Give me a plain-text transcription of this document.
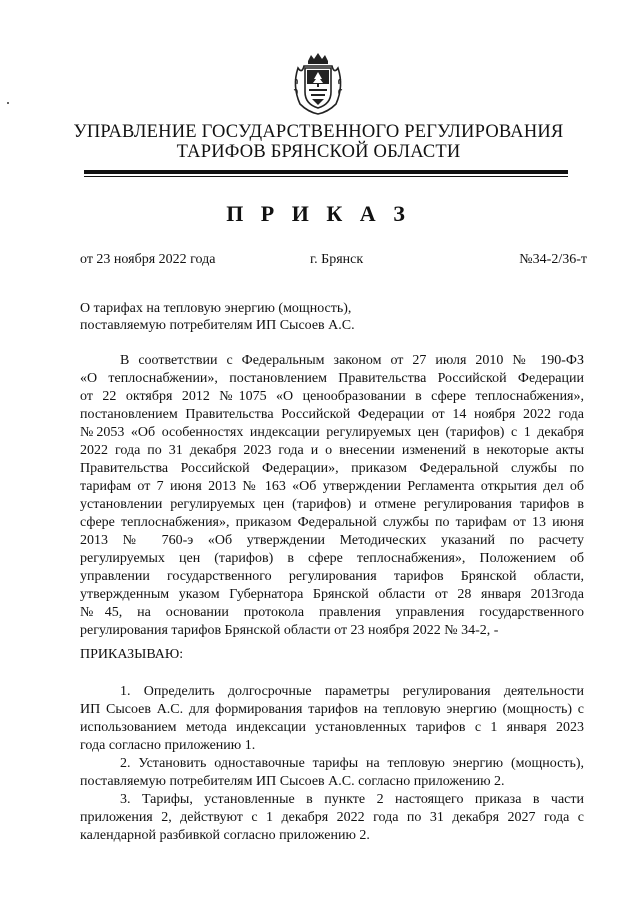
УПРАВЛЕНИЕ ГОСУДАРСТВЕННОГО РЕГУЛИРОВАНИЯ
ТАРИФОВ БРЯНСКОЙ ОБЛАСТИ
П Р И К А З
от 23 ноября 2022 года	г. Брянск	№34-2/36-т
О тарифах на тепловую энергию (мощность),
поставляемую потребителям ИП Сысоев А.С.
В соответствии с Федеральным законом от 27 июля 2010 № 190-ФЗ
«О теплоснабжении», постановлением Правительства Российской Федерации
от 22 октября 2012 №1075 «О ценообразовании в сфере теплоснабжения»,
постановлением Правительства Российской Федерации от 14 ноября 2022 года
№2053 «Об особенностях индексации регулируемых цен (тарифов) с 1 декабря
2022 года по 31 декабря 2023 года и о внесении изменений в некоторые акты
Правительства Российской Федерации», приказом Федеральной службы по
тарифам от 7 июня 2013 № 163 «Об утверждении Регламента открытия дел об
установлении регулируемых цен (тарифов) и отмене регулирования тарифов в
сфере теплоснабжения», приказом Федеральной службы по тарифам от 13 июня
2013 № 760-э «Об утверждении Методических указаний по расчету
регулируемых цен (тарифов) в сфере теплоснабжения», Положением об
управлении государственного регулирования тарифов Брянской области,
утвержденным указом Губернатора Брянской области от 28 января 2013года
№45, на основании протокола правления управления государственного
регулирования тарифов Брянской области от 23 ноября 2022 № 34-2, -
ПРИКАЗЫВАЮ:
1. Определить долгосрочные параметры регулирования деятельности
ИП Сысоев А.С. для формирования тарифов на тепловую энергию (мощность) с
использованием метода индексации установленных тарифов с 1 января 2023
года согласно приложению 1.
2. Установить одноставочные тарифы на тепловую энергию (мощность),
поставляемую потребителям ИП Сысоев А.С. согласно приложению 2.
3. Тарифы, установленные в пункте 2 настоящего приказа в части
приложения 2, действуют с 1 декабря 2022 года по 31 декабря 2027 года с
календарной разбивкой согласно приложению 2.
